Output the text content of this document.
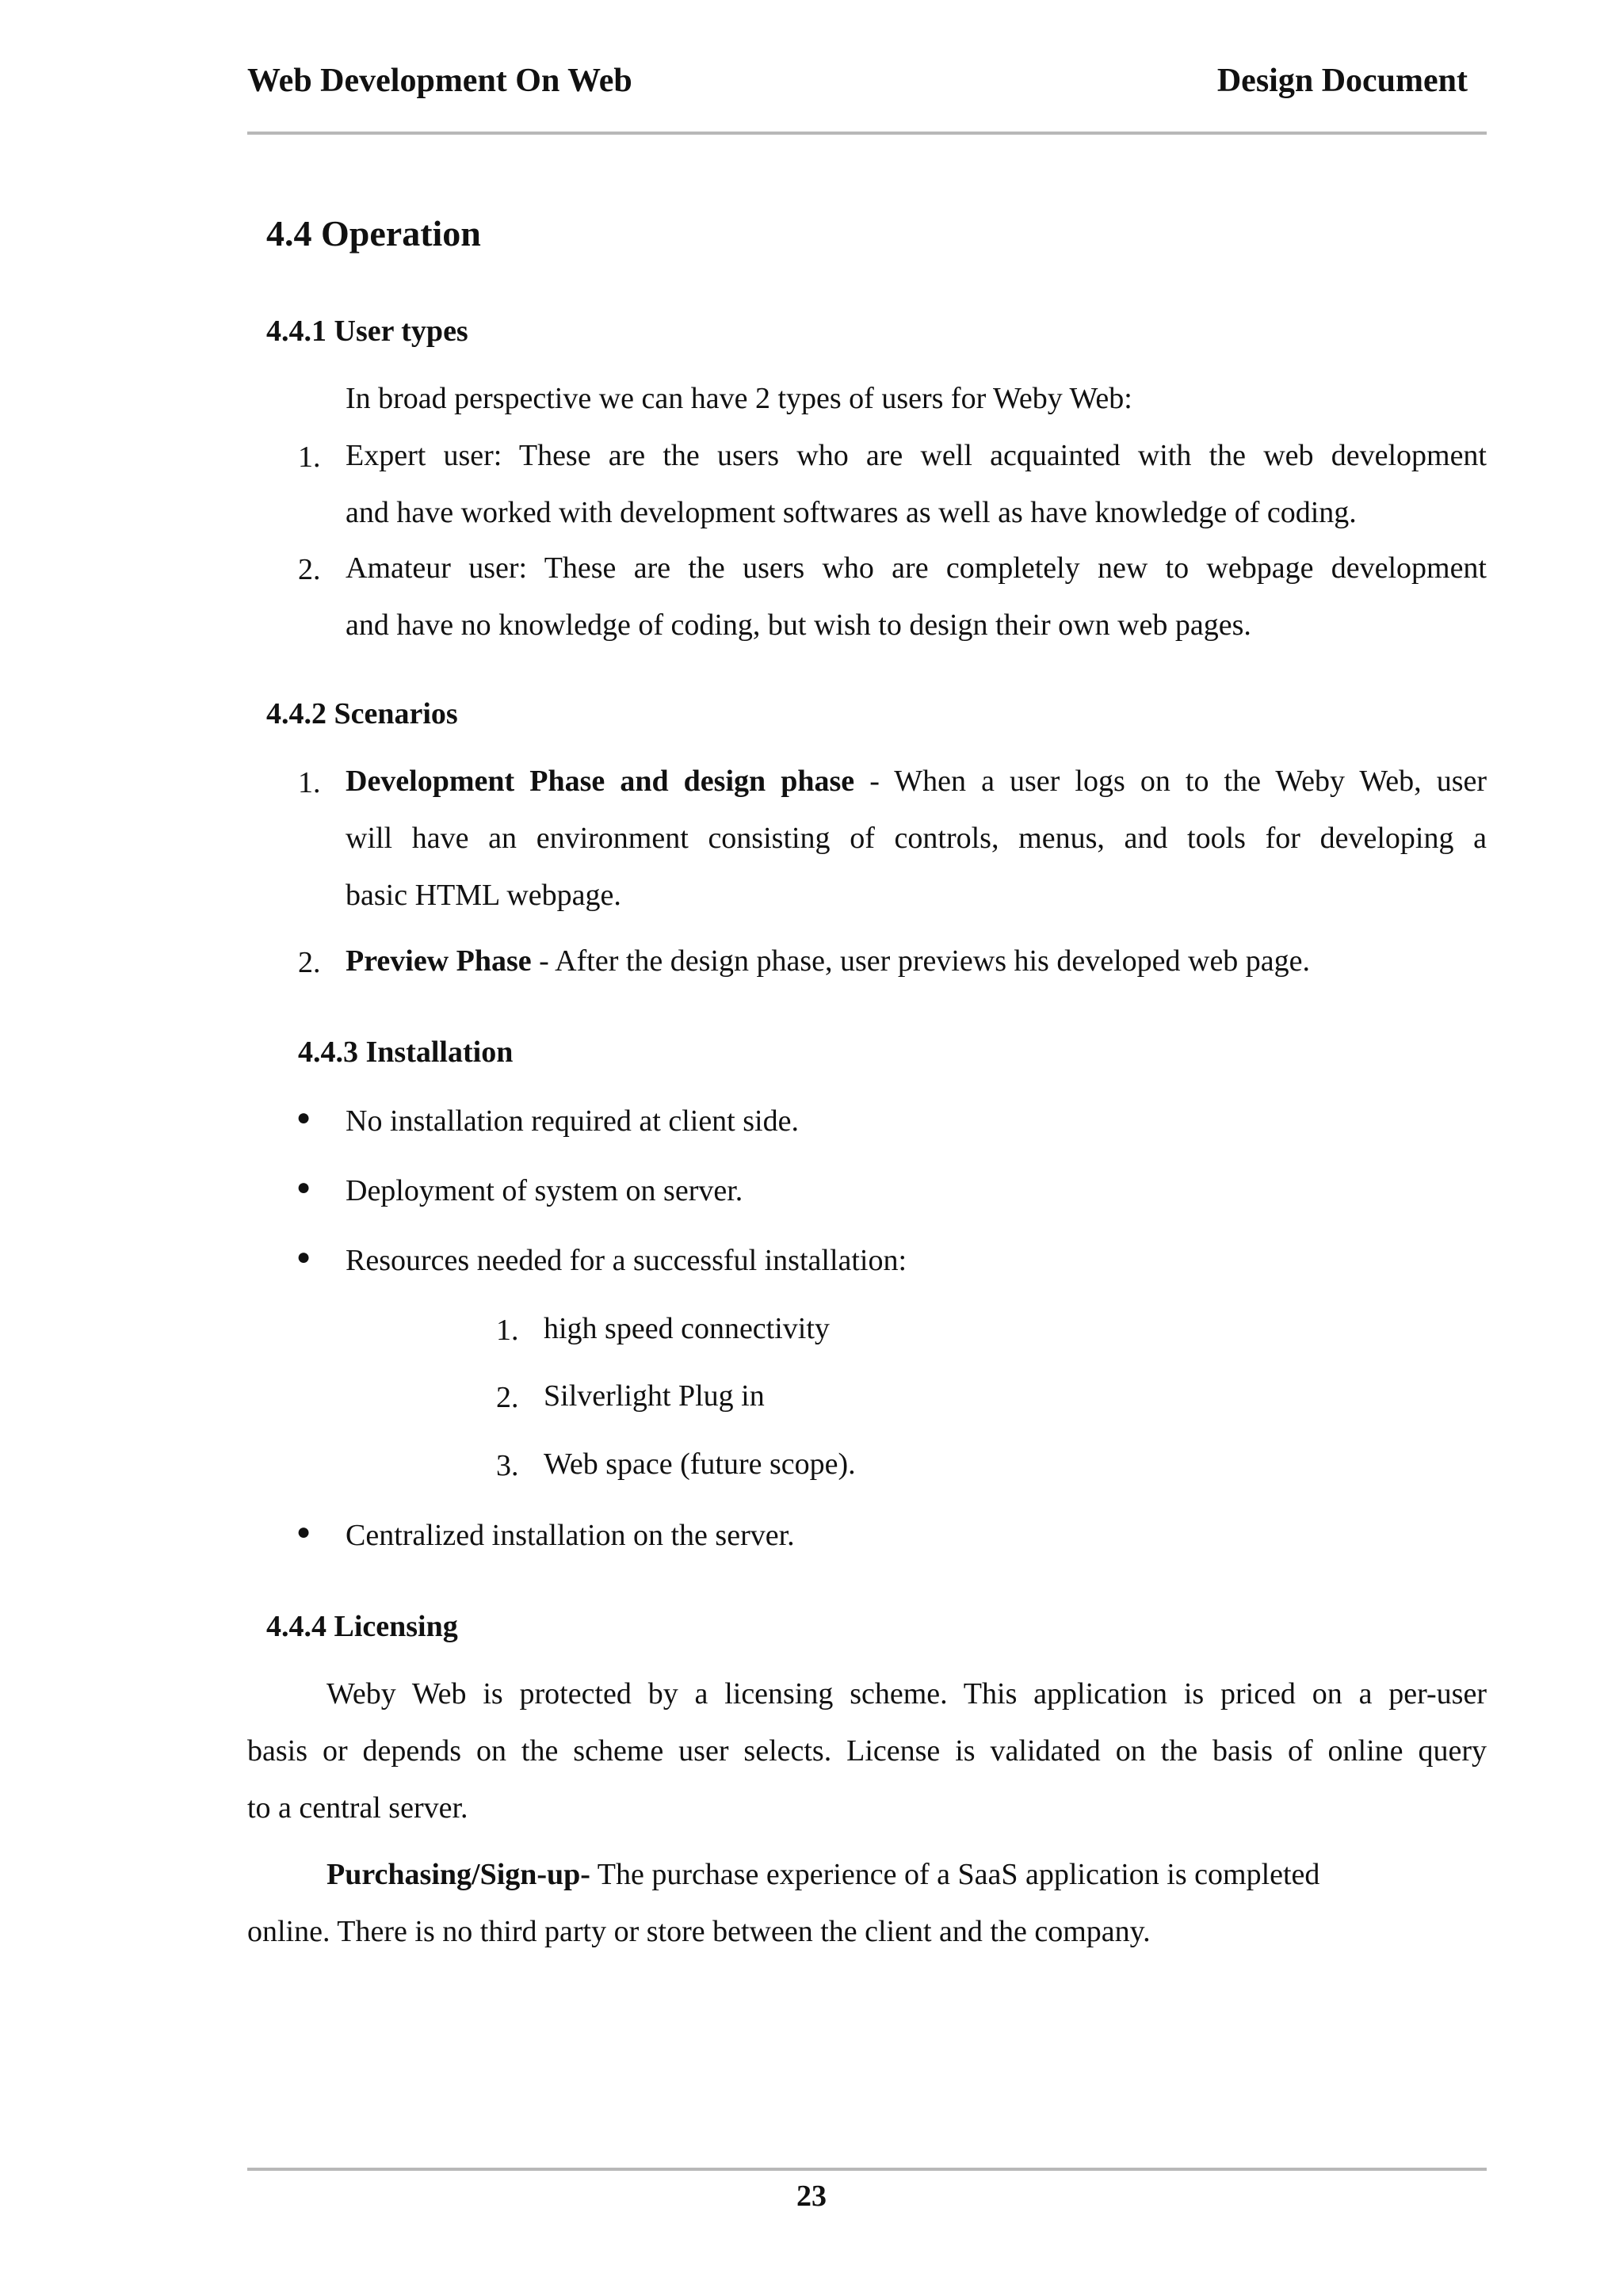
Web Development On Web	Design Document
4.4 Operation
4.4.1 User types
In broad perspective we can have 2 types of users for Weby Web:
1. Expert user: These are the users who are well acquainted with the web development
and have worked with development softwares as well as have knowledge of coding.
2. Amateur user: These are the users who are completely new to webpage development
and have no knowledge of coding, but wish to design their own web pages.
4.4.2 Scenarios
1. Development Phase and design phase - When a user logs on to the Weby Web, user
will have an environment consisting of controls, menus, and tools for developing a
basic HTML webpage.
2. Preview Phase - After the design phase, user previews his developed web page.
4.4.3 Installation
● No installation required at client side.
● Deployment of system on server.
● Resources needed for a successful installation:
1. high speed connectivity
2. Silverlight Plug in
3. Web space (future scope).
● Centralized installation on the server.
4.4.4 Licensing
Weby Web is protected by a licensing scheme. This application is priced on a per-user
basis or depends on the scheme user selects. License is validated on the basis of online query
to a central server.
Purchasing/Sign-up- The purchase experience of a SaaS application is completed
online. There is no third party or store between the client and the company.
23
